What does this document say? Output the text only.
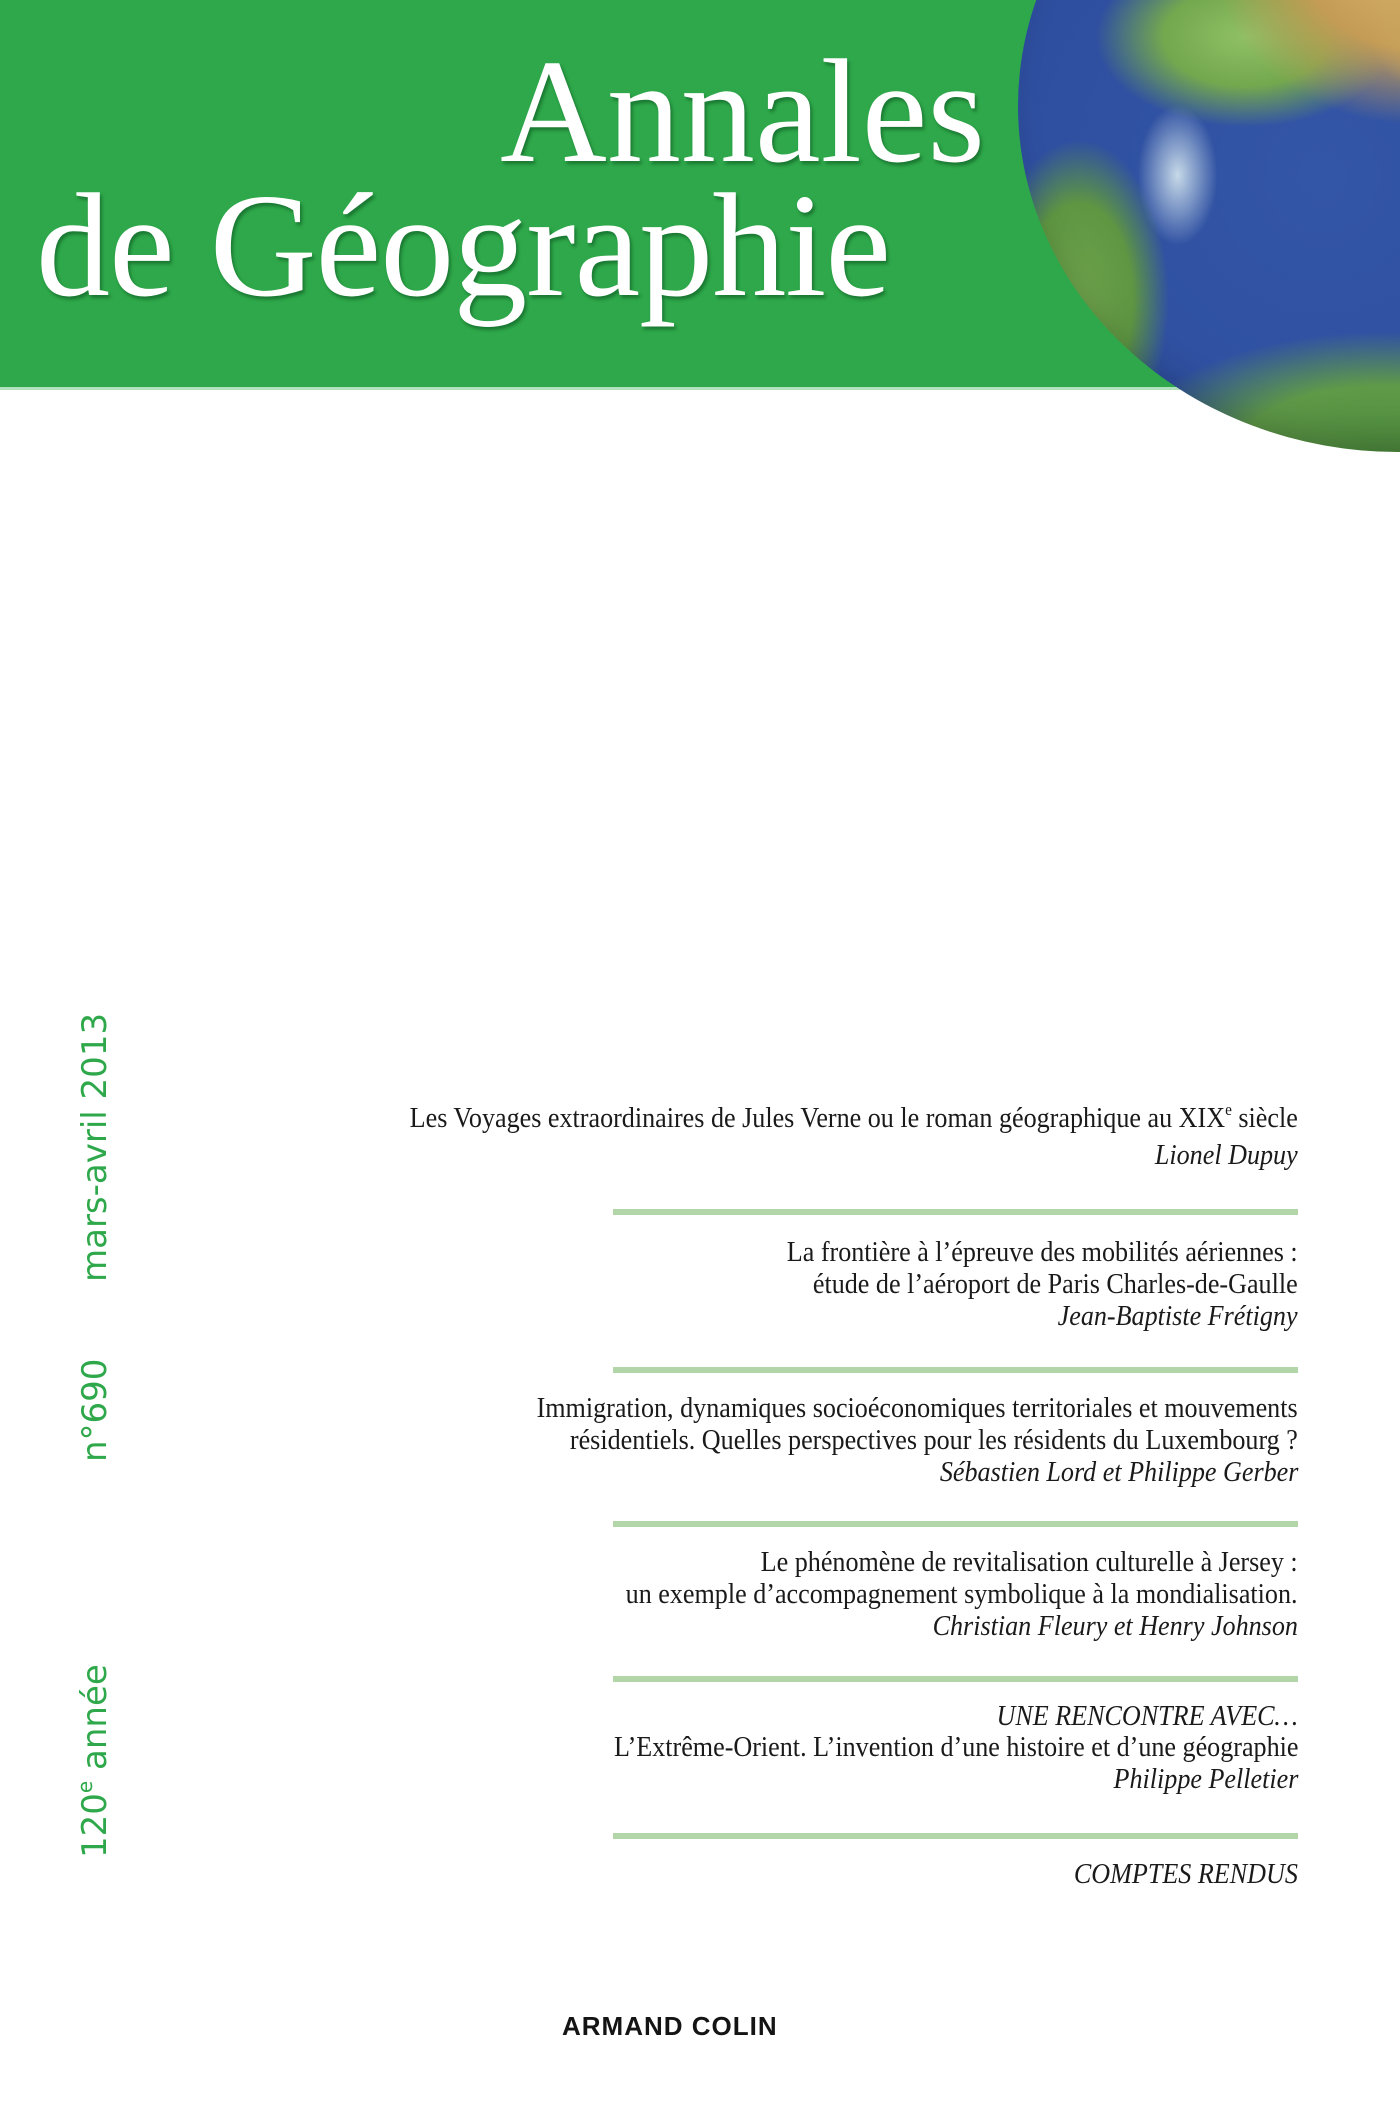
Annales
de Géographie
120e année
n°690
mars-avril 2013	Les Voyages extraordinaires de Jules Verne ou le roman géographique au XIXe siècle
Lionel Dupuy
La frontière à l’épreuve des mobilités aériennes :
étude de l’aéroport de Paris Charles-de-Gaulle
Jean-Baptiste Frétigny
Immigration, dynamiques socioéconomiques territoriales et mouvements
résidentiels. Quelles perspectives pour les résidents du Luxembourg ?
Sébastien Lord et Philippe Gerber
Le phénomène de revitalisation culturelle à Jersey :
un exemple d’accompagnement symbolique à la mondialisation.
Christian Fleury et Henry Johnson
UNE RENCONTRE AVEC…
L’Extrême-Orient. L’invention d’une histoire et d’une géographie
Philippe Pelletier
COMPTES RENDUS
ARMAND COLIN
